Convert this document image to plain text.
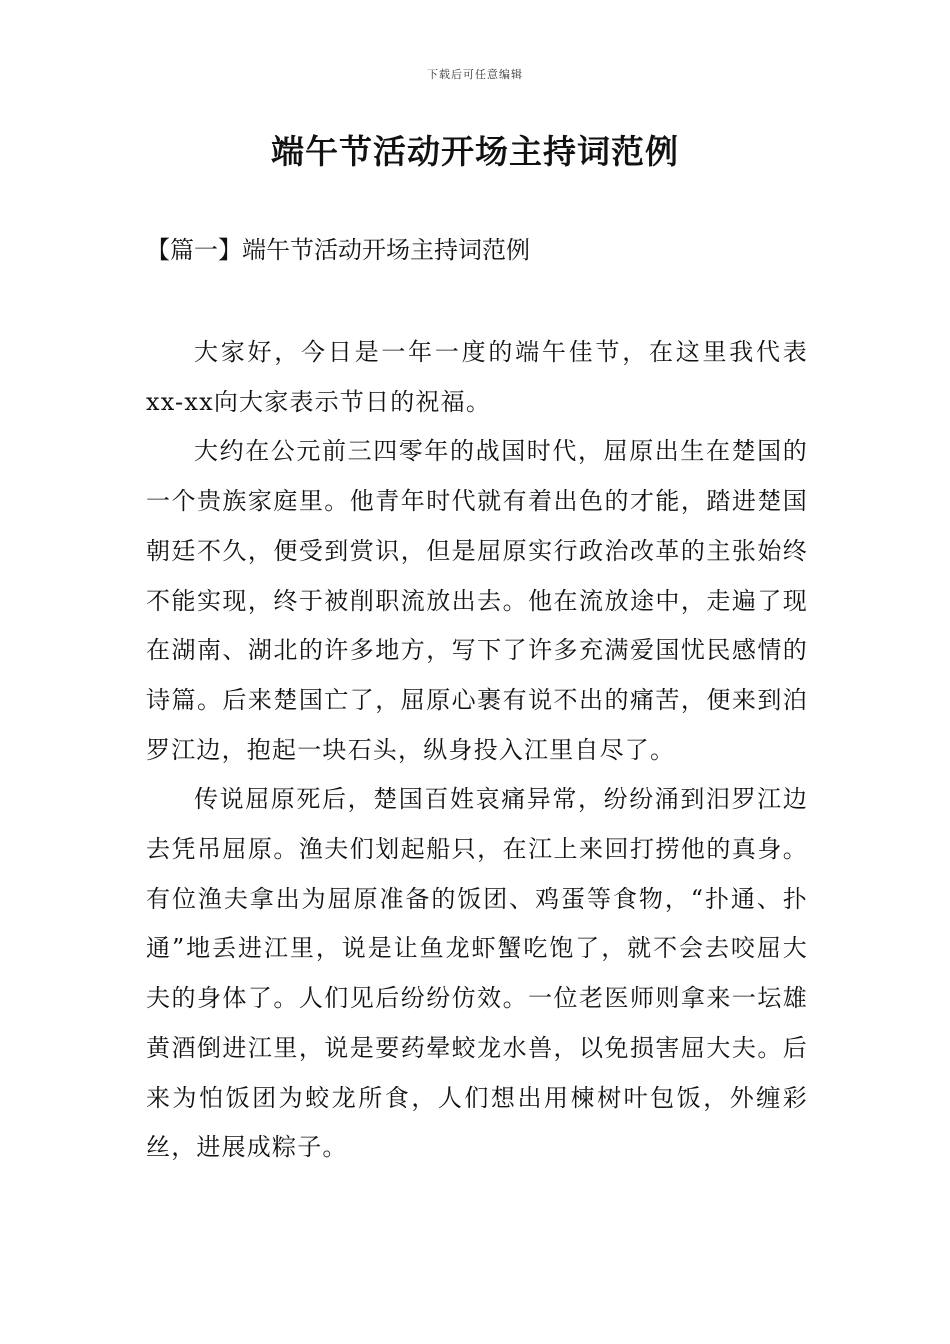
下载后可任意编辑
端午节活动开场主持词范例
【篇一】端午节活动开场主持词范例

大家好，今日是一年一度的端午佳节，在这里我代表xx-xx向大家表示节日的祝福。

大约在公元前三四零年的战国时代，屈原出生在楚国的一个贵族家庭里。他青年时代就有着出色的才能，踏进楚国朝廷不久，便受到赏识，但是屈原实行政治改革的主张始终不能实现，终于被削职流放出去。他在流放途中，走遍了现在湖南、湖北的许多地方，写下了许多充满爱国忧民感情的诗篇。后来楚国亡了，屈原心裹有说不出的痛苦，便来到泊罗江边，抱起一块石头，纵身投入江里自尽了。

传说屈原死后，楚国百姓哀痛异常，纷纷涌到汨罗江边去凭吊屈原。渔夫们划起船只，在江上来回打捞他的真身。有位渔夫拿出为屈原准备的饭团、鸡蛋等食物，“扑通、扑通”地丢进江里，说是让鱼龙虾蟹吃饱了，就不会去咬屈大夫的身体了。人们见后纷纷仿效。一位老医师则拿来一坛雄黄酒倒进江里，说是要药晕蛟龙水兽，以免损害屈大夫。后来为怕饭团为蛟龙所食，人们想出用楝树叶包饭，外缠彩丝，进展成粽子。
